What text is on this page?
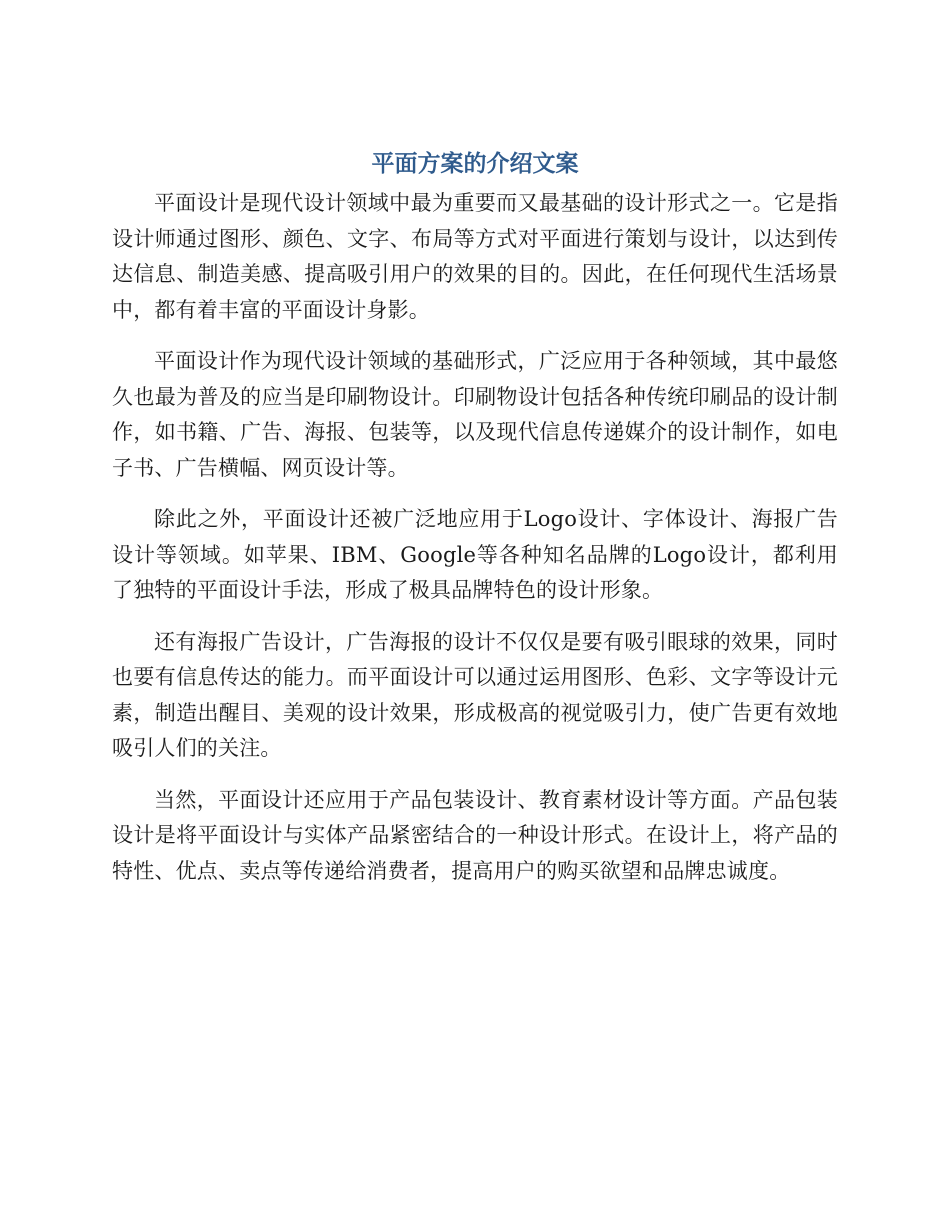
平面方案的介绍文案

平面设计是现代设计领域中最为重要而又最基础的设计形式之一。它是指设计师通过图形、颜色、文字、布局等方式对平面进行策划与设计，以达到传达信息、制造美感、提高吸引用户的效果的目的。因此，在任何现代生活场景中，都有着丰富的平面设计身影。

平面设计作为现代设计领域的基础形式，广泛应用于各种领域，其中最悠久也最为普及的应当是印刷物设计。印刷物设计包括各种传统印刷品的设计制作，如书籍、广告、海报、包装等，以及现代信息传递媒介的设计制作，如电子书、广告横幅、网页设计等。

除此之外，平面设计还被广泛地应用于Logo设计、字体设计、海报广告设计等领域。如苹果、IBM、Google等各种知名品牌的Logo设计，都利用了独特的平面设计手法，形成了极具品牌特色的设计形象。

还有海报广告设计，广告海报的设计不仅仅是要有吸引眼球的效果，同时也要有信息传达的能力。而平面设计可以通过运用图形、色彩、文字等设计元素，制造出醒目、美观的设计效果，形成极高的视觉吸引力，使广告更有效地吸引人们的关注。

当然，平面设计还应用于产品包装设计、教育素材设计等方面。产品包装设计是将平面设计与实体产品紧密结合的一种设计形式。在设计上，将产品的特性、优点、卖点等传递给消费者，提高用户的购买欲望和品牌忠诚度。
